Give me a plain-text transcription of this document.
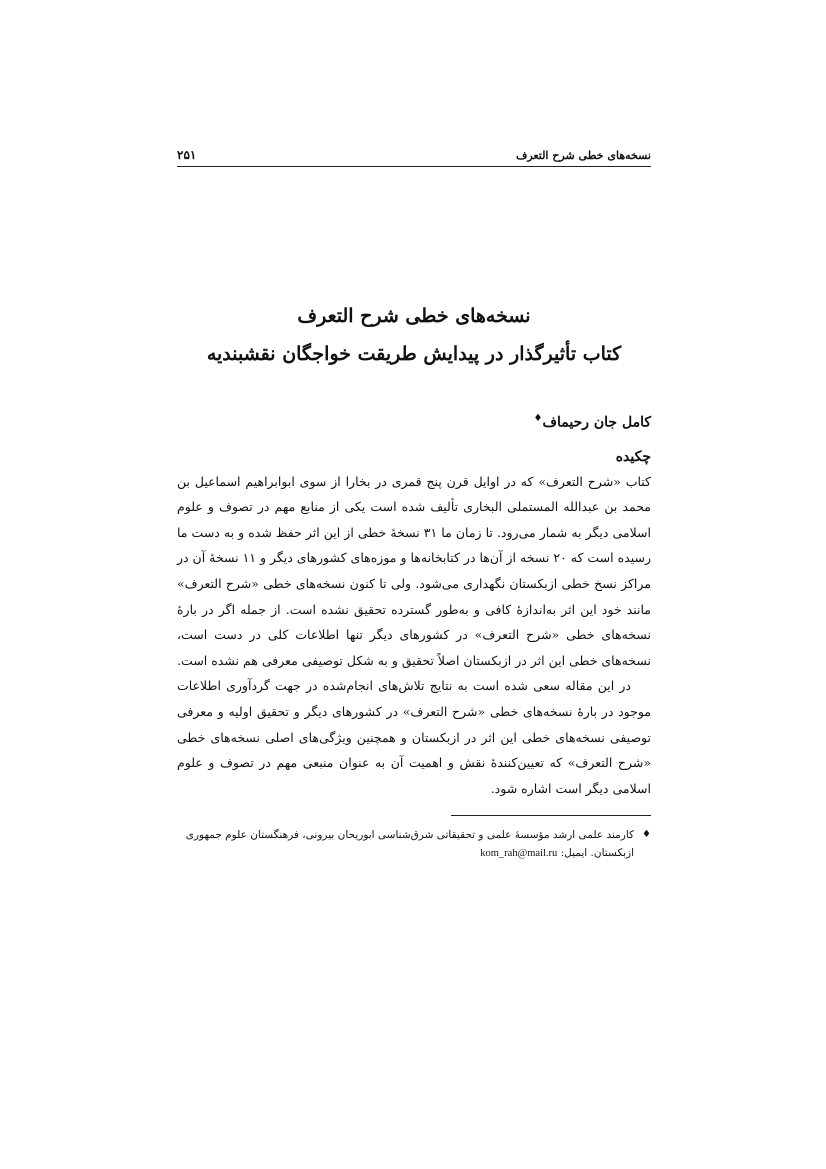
نسخه‌های خطی شرح التعرف
۲۵۱

نسخه‌های خطی شرح التعرف

کتاب تأثیرگذار در پیدایش طریقت خواجگان نقشبندیه

کامل جان رحیماف♦
چکیده

کتاب «شرح التعرف» که در اوایل قرن پنج قمری در بخارا از سوی ابوابراهیم اسماعیل بن محمد بن عبدالله المستملی البخاری تألیف شده است یکی از منابع مهم در تصوف و علوم اسلامی دیگر به شمار می‌رود. تا زمان ما ۳۱ نسخهٔ خطی از این اثر حفظ شده و به دست ما رسیده است که ۲۰ نسخه از آن‌ها در کتابخانه‌ها و موزه‌های کشورهای دیگر و ۱۱ نسخهٔ آن در مراکز نسخ خطی ازبکستان نگهداری می‌شود. ولی تا کنون نسخه‌های خطی «شرح التعرف» مانند خود این اثر به‌اندازهٔ کافی و به‌طور گسترده تحقیق نشده است. از جمله اگر در بارهٔ نسخه‌های خطی «شرح التعرف» در کشورهای دیگر تنها اطلاعات کلی در دست است، نسخه‌های خطی این اثر در ازبکستان اصلاً تحقیق و به شکل توصیفی معرفی هم نشده است.

در این مقاله سعی شده است به نتایج تلاش‌های انجام‌شده در جهت گردآوری اطلاعات موجود در بارهٔ نسخه‌های خطی «شرح التعرف» در کشورهای دیگر و تحقیق اولیه و معرفی توصیفی نسخه‌های خطی این اثر در ازبکستان و همچنین ویژگی‌های اصلی نسخه‌های خطی «شرح التعرف» که تعیین‌کنندهٔ نقش و اهمیت آن به عنوان منبعی مهم در تصوف و علوم اسلامی دیگر است اشاره شود.

♦
کارمند علمی ارشد مؤسسهٔ علمی و تحقیقاتی شرق‌شناسی ابوریحان بیرونی، فرهنگستان علوم جمهوری ازبکستان. ایمیل: kom_rah@mail.ru
